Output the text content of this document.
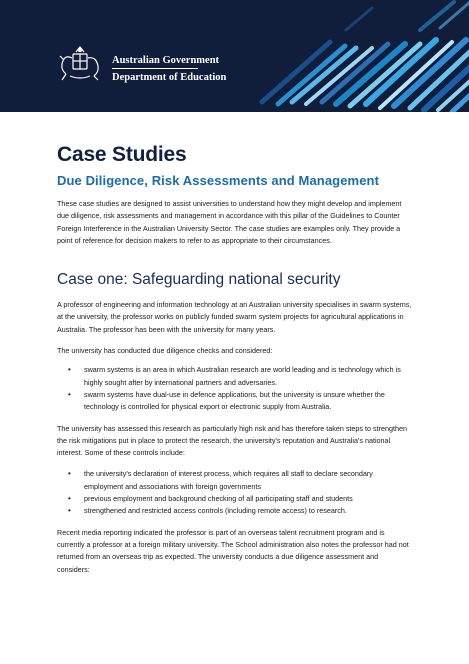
Australian Government
Department of Education
Case Studies
Due Diligence, Risk Assessments and Management

These case studies are designed to assist universities to understand how they might develop and implement due diligence, risk assessments and management in accordance with this pillar of the Guidelines to Counter Foreign Interference in the Australian University Sector. The case studies are examples only. They provide a point of reference for decision makers to refer to as appropriate to their circumstances.

Case one: Safeguarding national security

A professor of engineering and information technology at an Australian university specialises in swarm systems, at the university, the professor works on publicly funded swarm system projects for agricultural applications in Australia. The professor has been with the university for many years.

The university has conducted due diligence checks and considered:

• swarm systems is an area in which Australian research are world leading and is technology which is highly sought after by international partners and adversaries.
• swarm systems have dual-use in defence applications, but the university is unsure whether the technology is controlled for physical export or electronic supply from Australia.

The university has assessed this research as particularly high risk and has therefore taken steps to strengthen the risk mitigations put in place to protect the research, the university's reputation and Australia's national interest. Some of these controls include:

• the university's declaration of interest process, which requires all staff to declare secondary employment and associations with foreign governments
• previous employment and background checking of all participating staff and students
• strengthened and restricted access controls (including remote access) to research.

Recent media reporting indicated the professor is part of an overseas talent recruitment program and is currently a professor at a foreign military university. The School administration also notes the professor had not returned from an overseas trip as expected. The university conducts a due diligence assessment and considers:
